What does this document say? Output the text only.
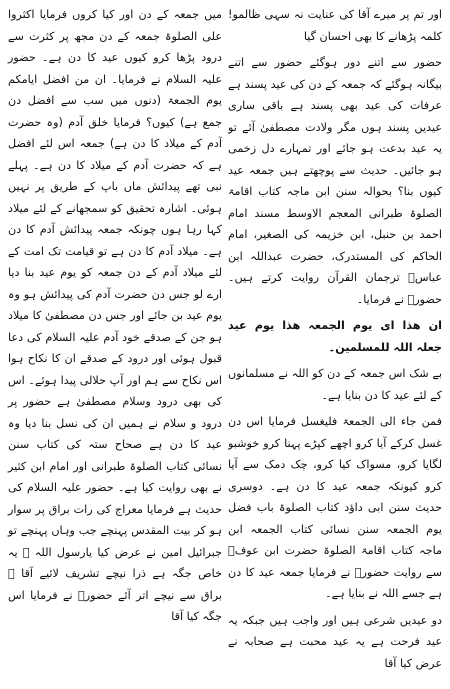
اور تم پر میرے آقا کی عنایت نہ سہی ظالمو! کلمہ پڑھانے کا بھی احسان گیا

حضور سے اتنے دور ہوگئے حضور سے اتنے بیگانہ ہوگئے کہ جمعہ کے دن کی عید پسند ہے عرفات کی عید بھی پسند ہے باقی ساری عیدیں پسند ہوں مگر ولادت مصطفیٰ آئے تو یہ عید بدعت ہو جائے اور تمہارے دل زخمی ہو جائیں۔ حدیث سے پوچھتے ہیں جمعہ عید کیوں بنا؟ بحوالہ سنن ابن ماجہ کتاب اقامۃ الصلوۃ طبرانی المعجم الاوسط مسند امام احمد بن حنبل، ابن خزیمہ کی الصغیر، امام الحاکم کی المستدرک، حضرت عبداللہ ابن عباسؓ ترجمان القرآن روایت کرتے ہیں۔ حضورؐ نے فرمایا۔

ان ھذا ای یوم الجمعہ ھذا یوم عید جعلہ اللہ للمسلمین۔

بے شک اس جمعہ کے دن کو اللہ نے مسلمانوں کے لئے عید کا دن بنایا ہے۔

فمن جاء الی الجمعۃ فلیغسل فرمایا اس دن غسل کرکے آیا کرو اچھے کپڑے پہنا کرو خوشبو لگایا کرو، مسواک کیا کرو، چک دمک سے آیا کرو کیونکہ جمعہ عید کا دن ہے۔ دوسری حدیث سنن ابی داؤد کتاب الصلوۃ باب فضل یوم الجمعہ سنن نسائی کتاب الجمعہ ابن ماجہ کتاب اقامۃ الصلوۃ حضرت ابن عوفؓ سے روایت حضورؐ نے فرمایا جمعہ عید کا دن ہے جسے اللہ نے بنایا ہے۔

دو عیدیں شرعی ہیں اور واجب ہیں جبکہ یہ عید فرحت ہے یہ عید محبت ہے صحابہ نے عرض کیا آقا

میں جمعہ کے دن اور کیا کروں فرمایا اکثروا علی الصلوۃ جمعہ کے دن مجھ پر کثرت سے درود پڑھا کرو کیوں عید کا دن ہے۔ حضور علیہ السلام نے فرمایا۔ ان من افضل ایامکم یوم الجمعۃ (دنوں میں سب سے افضل دن جمع ہے) کیوں؟ فرمایا خلق آدم (وہ حضرت آدم کے میلاد کا دن ہے) جمعہ اس لئے افضل ہے کہ حضرت آدم کے میلاد کا دن ہے۔ پہلے نبی تھے پیدائش ماں باپ کے طریق پر نہیں ہوئی۔ اشارہ تحقیق کو سمجھانے کے لئے میلاد کہا رہا ہوں چونکہ جمعہ پیدائش آدم کا دن ہے۔ میلاد آدم کا دن ہے تو قیامت تک امت کے لئے میلاد آدم کے دن جمعہ کو یوم عید بنا دیا ارے لو جس دن حضرت آدم کی پیدائش ہو وہ یوم عید بن جائے اور جس دن مصطفیٰ کا میلاد ہو جن کے صدقے خود آدم علیہ السلام کی دعا قبول ہوئی اور درود کے صدقے ان کا نکاح ہوا اس نکاح سے ہم اور آپ حلالی پیدا ہوئے۔ اس کی بھی درود وسلام مصطفیٰ ہے حضور پر درود و سلام نے ہمیں ان کی نسل بنا دیا وہ عید کا دن ہے صحاح ستہ کی کتاب سنن نسائی کتاب الصلوۃ طبرانی اور امام ابن کثیر نے بھی روایت کیا ہے۔ حضور علیہ السلام کی حدیث ہے فرمایا معراج کی رات براق پر سوار ہو کر بیت المقدس پہنچے جب وہاں پہنچے تو جبرائیل امین نے عرض کیا یارسول اللہ ﷺ یہ خاص جگہ ہے ذرا نیچے تشریف لائیے آقا ؐ براق سے نیچے اتر آئے حضورؐ نے فرمایا اس جگہ کیا آقا
